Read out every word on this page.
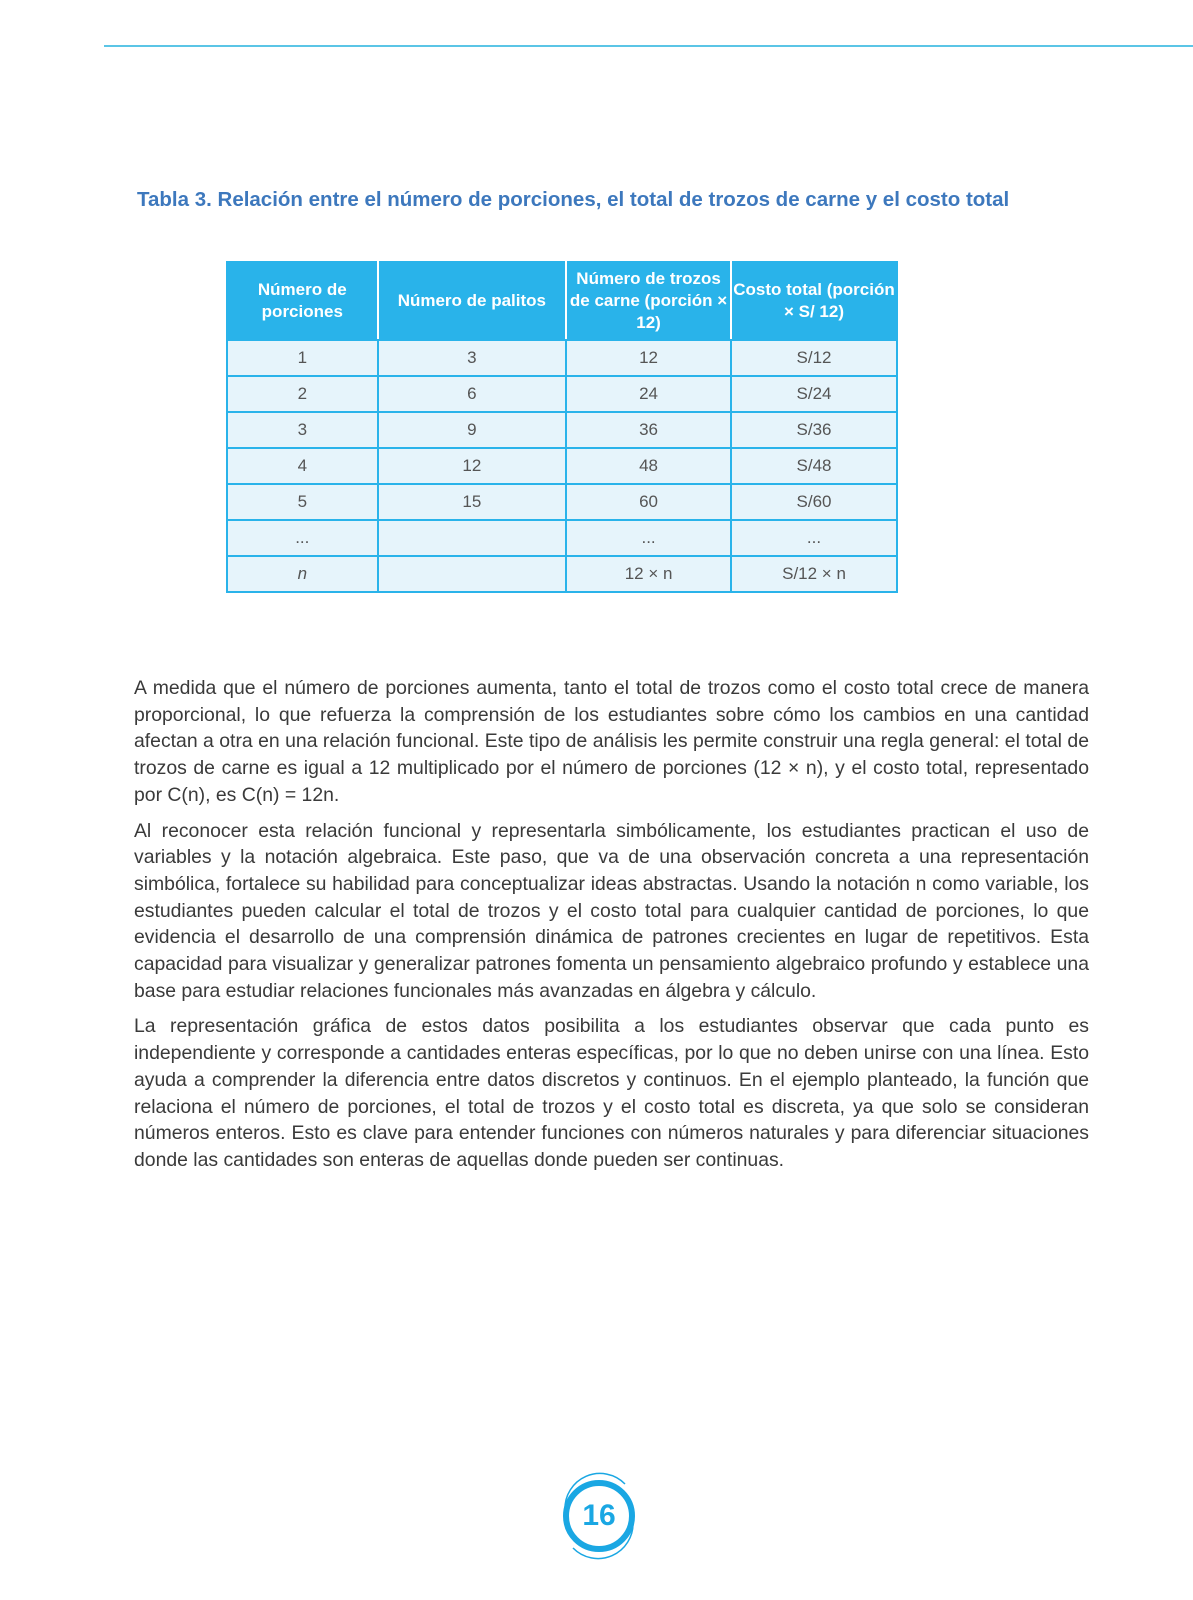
Tabla 3. Relación entre el número de porciones, el total de trozos de carne y el costo total
Número de porciones	Número de palitos	Número de trozos de carne (porción × 12)	Costo total (porción × S/ 12)
1	3	12	S/12
2	6	24	S/24
3	9	36	S/36
4	12	48	S/48
5	15	60	S/60
...		...	...
n		12 × n	S/12 × n

A medida que el número de porciones aumenta, tanto el total de trozos como el costo total crece de manera proporcional, lo que refuerza la comprensión de los estudiantes sobre cómo los cambios en una cantidad afectan a otra en una relación funcional. Este tipo de análisis les permite construir una regla general: el total de trozos de carne es igual a 12 multiplicado por el número de porciones (12 × n), y el costo total, representado por C(n), es C(n) = 12n.

Al reconocer esta relación funcional y representarla simbólicamente, los estudiantes practican el uso de variables y la notación algebraica. Este paso, que va de una observación concreta a una representación simbólica, fortalece su habilidad para conceptualizar ideas abstractas. Usando la notación n como variable, los estudiantes pueden calcular el total de trozos y el costo total para cualquier cantidad de porciones, lo que evidencia el desarrollo de una comprensión dinámica de patrones crecientes en lugar de repetitivos. Esta capacidad para visualizar y generalizar patrones fomenta un pensamiento algebraico profundo y establece una base para estudiar relaciones funcionales más avanzadas en álgebra y cálculo.

La representación gráfica de estos datos posibilita a los estudiantes observar que cada punto es independiente y corresponde a cantidades enteras específicas, por lo que no deben unirse con una línea. Esto ayuda a comprender la diferencia entre datos discretos y continuos. En el ejemplo planteado, la función que relaciona el número de porciones, el total de trozos y el costo total es discreta, ya que solo se consideran números enteros. Esto es clave para entender funciones con números naturales y para diferenciar situaciones donde las cantidades son enteras de aquellas donde pueden ser continuas.

16
